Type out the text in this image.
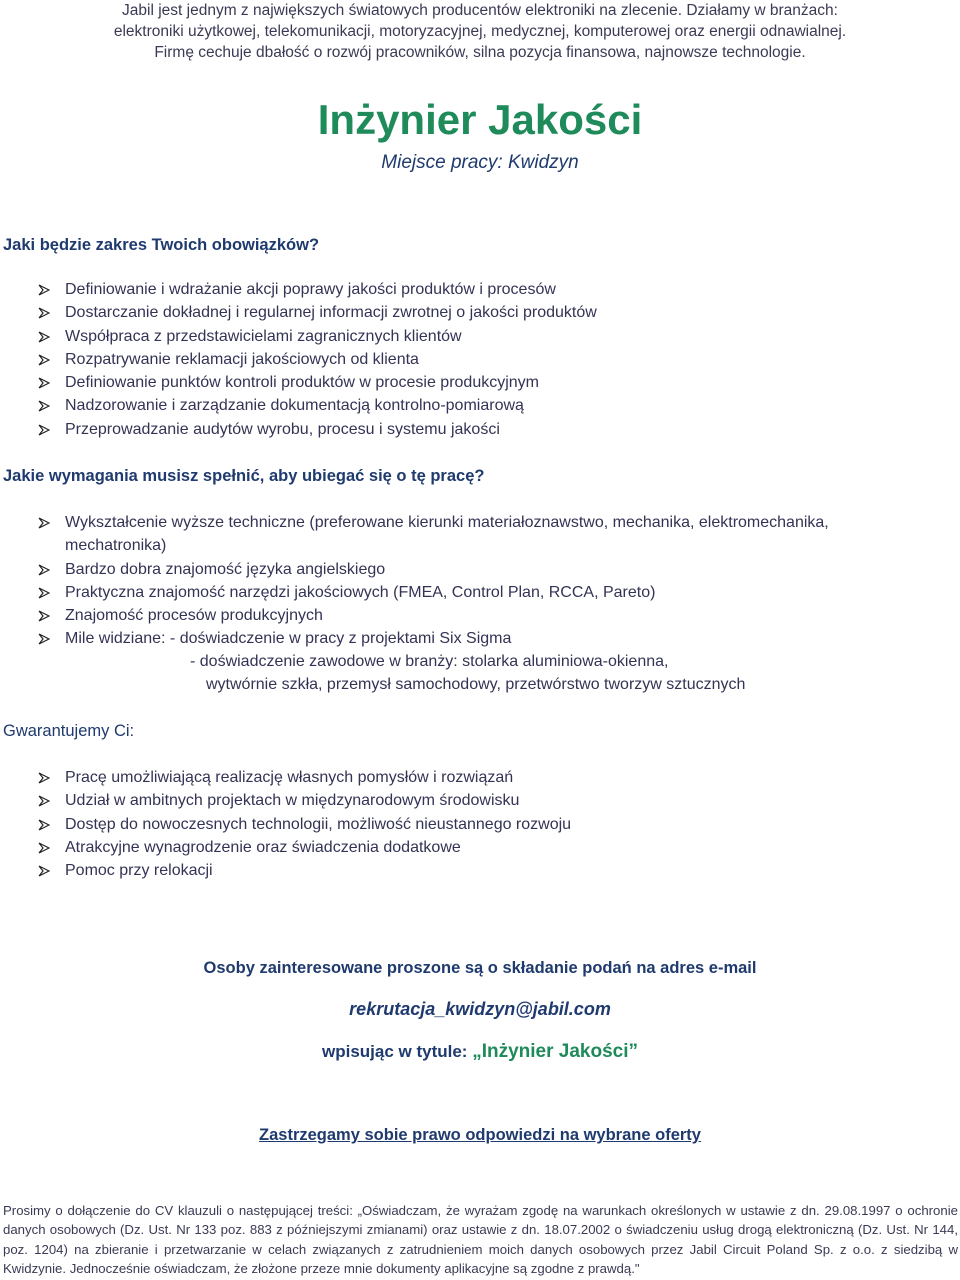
Jabil jest jednym z największych światowych producentów elektroniki na zlecenie. Działamy w branżach:
elektroniki użytkowej, telekomunikacji, motoryzacyjnej, medycznej, komputerowej oraz energii odnawialnej.
Firmę cechuje dbałość o rozwój pracowników, silna pozycja finansowa, najnowsze technologie.
Inżynier Jakości
Miejsce pracy: Kwidzyn
Jaki będzie zakres Twoich obowiązków?
Definiowanie i wdrażanie akcji poprawy jakości produktów i procesów
Dostarczanie dokładnej i regularnej informacji zwrotnej o jakości produktów
Współpraca z przedstawicielami zagranicznych klientów
Rozpatrywanie reklamacji jakościowych od klienta
Definiowanie punktów kontroli produktów w procesie produkcyjnym
Nadzorowanie i zarządzanie dokumentacją kontrolno-pomiarową
Przeprowadzanie audytów wyrobu, procesu i systemu jakości
Jakie wymagania musisz spełnić, aby ubiegać się o tę pracę?
Wykształcenie wyższe techniczne (preferowane kierunki materiałoznawstwo, mechanika, elektromechanika,
mechatronika)
Bardzo dobra znajomość języka angielskiego
Praktyczna znajomość narzędzi jakościowych (FMEA, Control Plan, RCCA, Pareto)
Znajomość procesów produkcyjnych
Mile widziane: - doświadczenie w pracy z projektami Six Sigma
- doświadczenie zawodowe w branży: stolarka aluminiowa-okienna,
wytwórnie szkła, przemysł samochodowy, przetwórstwo tworzyw sztucznych
Gwarantujemy Ci:
Pracę umożliwiającą realizację własnych pomysłów i rozwiązań
Udział w ambitnych projektach w międzynarodowym środowisku
Dostęp do nowoczesnych technologii, możliwość nieustannego rozwoju
Atrakcyjne wynagrodzenie oraz świadczenia dodatkowe
Pomoc przy relokacji
Osoby zainteresowane proszone są o składanie podań na adres e-mail
rekrutacja_kwidzyn@jabil.com
wpisując w tytule: „Inżynier Jakości”
Zastrzegamy sobie prawo odpowiedzi na wybrane oferty
Prosimy o dołączenie do CV klauzuli o następującej treści: „Oświadczam, że wyrażam zgodę na warunkach określonych w ustawie z dn. 29.08.1997 o ochronie danych osobowych (Dz. Ust. Nr 133 poz. 883 z późniejszymi zmianami) oraz ustawie z dn. 18.07.2002 o świadczeniu usług drogą elektroniczną (Dz. Ust. Nr 144, poz. 1204) na zbieranie i przetwarzanie w celach związanych z zatrudnieniem moich danych osobowych przez Jabil Circuit Poland Sp. z o.o. z siedzibą w Kwidzynie. Jednocześnie oświadczam, że złożone przeze mnie dokumenty aplikacyjne są zgodne z prawdą."
